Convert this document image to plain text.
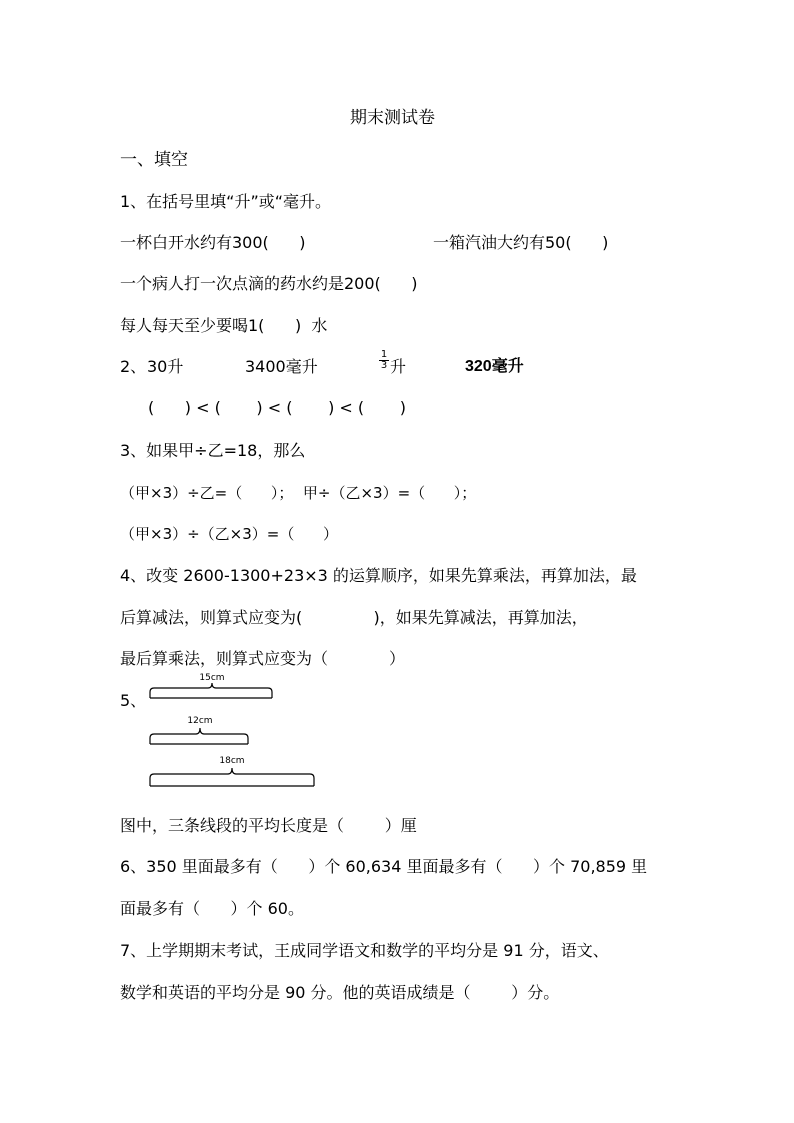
期末测试卷
一、填空
1、在括号里填“升”或“毫升。
一杯白开水约有300(      )	一箱汽油大约有50(      )
一个病人打一次点滴的药水约是200(      )
每人每天至少要喝1(      )  水
2、 30升	3400毫升	$\frac{1}{3}$ 升	320毫升
(      ) < (       ) < (       ) < (       )
3、如果甲÷乙=18，那么
（甲×3）÷乙=（      ）；  甲÷（乙×3）=（      ）；
（甲×3）÷（乙×3）=（      ）
4、改变 2600-1300+23×3 的运算顺序，如果先算乘法，再算加法，最
后算减法，则算式应变为(              )，如果先算减法，再算加法，
最后算乘法，则算式应变为（            ）
5、
15cm
12cm
18cm
图中，三条线段的平均长度是（        ）厘
6、350 里面最多有（      ）个 60,634 里面最多有（      ）个 70,859 里
面最多有（      ）个 60。
7、上学期期末考试，王成同学语文和数学的平均分是 91 分，语文、
数学和英语的平均分是 90 分。他的英语成绩是（        ）分。
